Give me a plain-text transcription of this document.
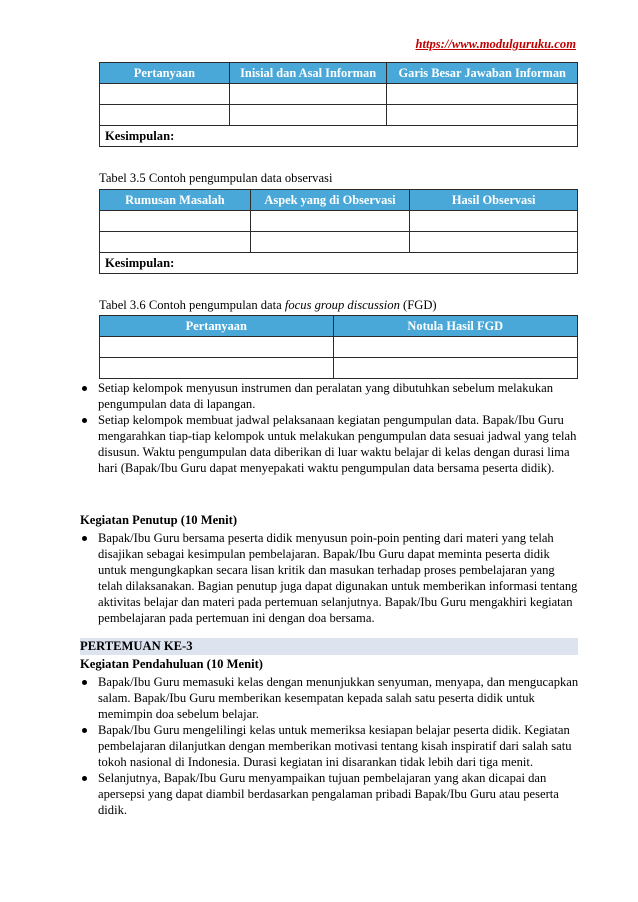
https://www.modulguruku.com
Pertanyaan	Inisial dan Asal Informan	Garis Besar Jawaban Informan

Kesimpulan:		
Tabel 3.5 Contoh pengumpulan data observasi
Rumusan Masalah	Aspek yang di Observasi	Hasil Observasi

Kesimpulan:		
Tabel 3.6 Contoh pengumpulan data focus group discussion (FGD)
Pertanyaan	Notula Hasil FGD

Setiap kelompok menyusun instrumen dan peralatan yang dibutuhkan sebelum melakukan pengumpulan data di lapangan.
Setiap kelompok membuat jadwal pelaksanaan kegiatan pengumpulan data. Bapak/Ibu Guru mengarahkan tiap-tiap kelompok untuk melakukan pengumpulan data sesuai jadwal yang telah disusun. Waktu pengumpulan data diberikan di luar waktu belajar di kelas dengan durasi lima hari (Bapak/Ibu Guru dapat menyepakati waktu pengumpulan data bersama peserta didik).
Kegiatan Penutup (10 Menit)
Bapak/Ibu Guru bersama peserta didik menyusun poin-poin penting dari materi yang telah disajikan sebagai kesimpulan pembelajaran. Bapak/Ibu Guru dapat meminta peserta didik untuk mengungkapkan secara lisan kritik dan masukan terhadap proses pembelajaran yang telah dilaksanakan. Bagian penutup juga dapat digunakan untuk memberikan informasi tentang aktivitas belajar dan materi pada pertemuan selanjutnya. Bapak/Ibu Guru mengakhiri kegiatan pembelajaran pada pertemuan ini dengan doa bersama.
PERTEMUAN KE-3
Kegiatan Pendahuluan (10 Menit)
Bapak/Ibu Guru memasuki kelas dengan menunjukkan senyuman, menyapa, dan mengucapkan salam. Bapak/Ibu Guru memberikan kesempatan kepada salah satu peserta didik untuk memimpin doa sebelum belajar.
Bapak/Ibu Guru mengelilingi kelas untuk memeriksa kesiapan belajar peserta didik. Kegiatan pembelajaran dilanjutkan dengan memberikan motivasi tentang kisah inspiratif dari salah satu tokoh nasional di Indonesia. Durasi kegiatan ini disarankan tidak lebih dari tiga menit.
Selanjutnya, Bapak/Ibu Guru menyampaikan tujuan pembelajaran yang akan dicapai dan apersepsi yang dapat diambil berdasarkan pengalaman pribadi Bapak/Ibu Guru atau peserta didik.
